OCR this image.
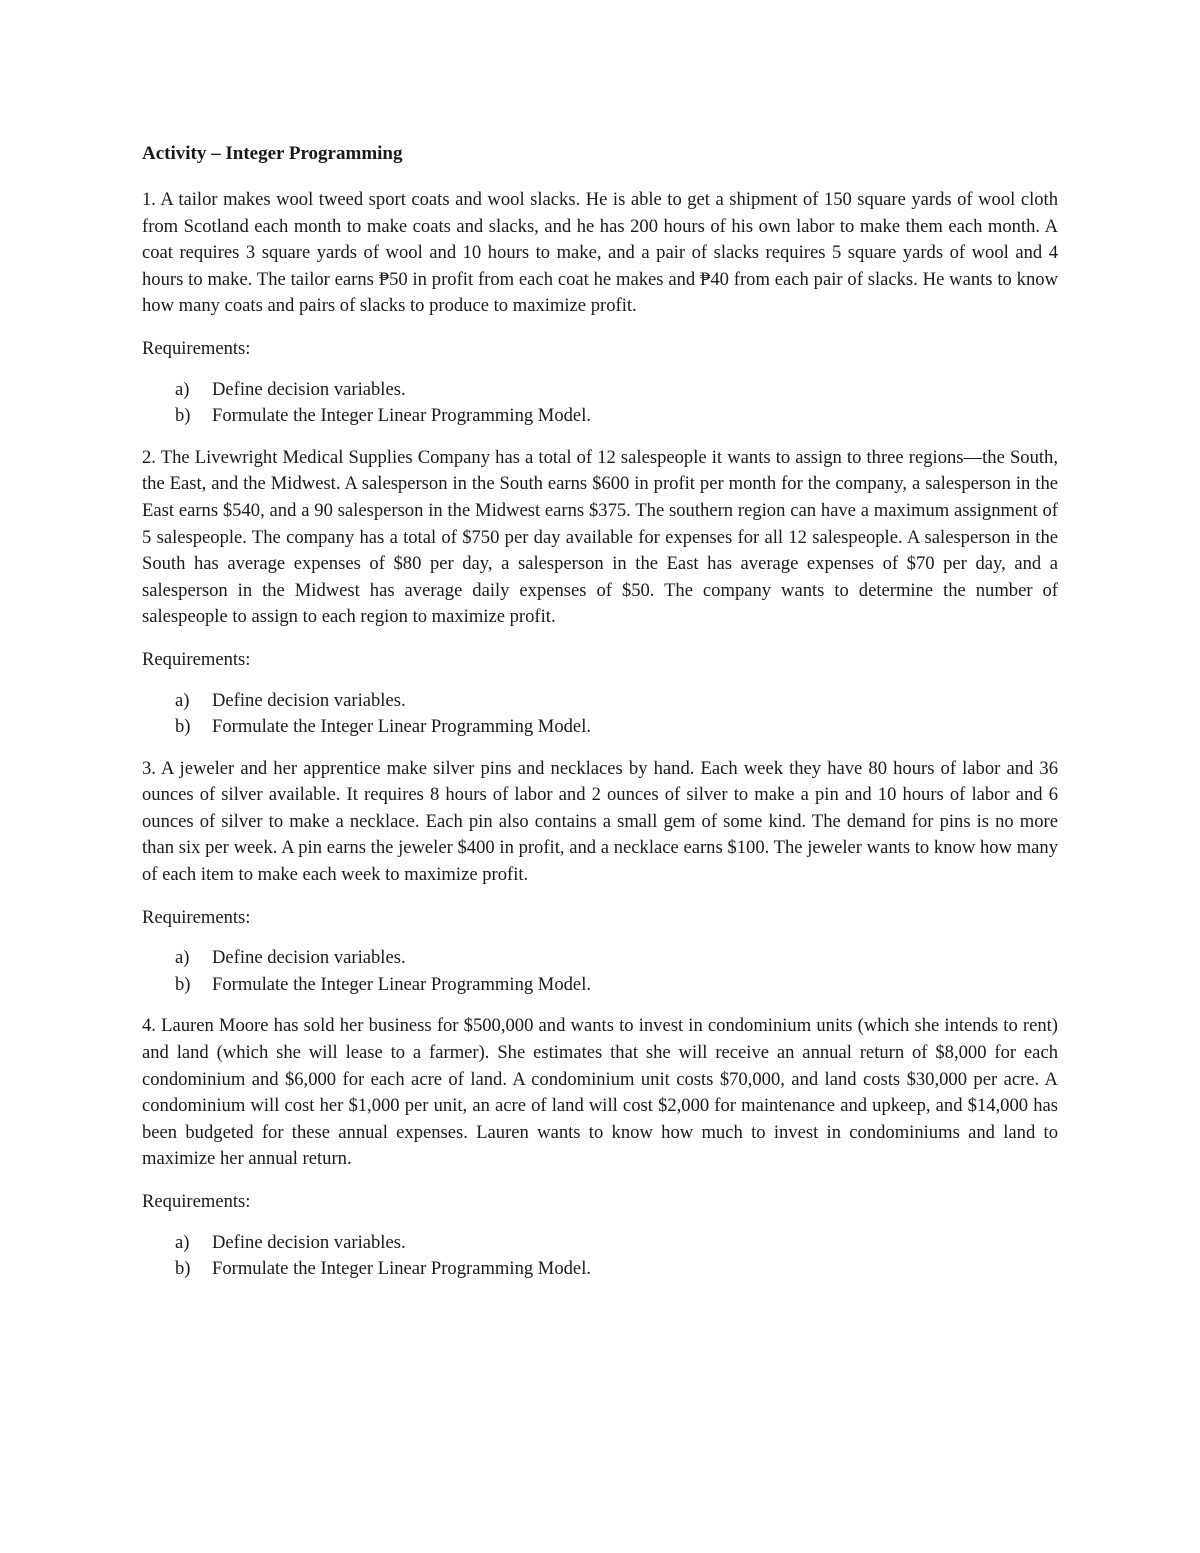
Activity – Integer Programming

1. A tailor makes wool tweed sport coats and wool slacks. He is able to get a shipment of 150 square yards of wool cloth from Scotland each month to make coats and slacks, and he has 200 hours of his own labor to make them each month. A coat requires 3 square yards of wool and 10 hours to make, and a pair of slacks requires 5 square yards of wool and 4 hours to make. The tailor earns ₱50 in profit from each coat he makes and ₱40 from each pair of slacks. He wants to know how many coats and pairs of slacks to produce to maximize profit.

Requirements:

a)	Define decision variables.
b)	Formulate the Integer Linear Programming Model.

2. The Livewright Medical Supplies Company has a total of 12 salespeople it wants to assign to three regions—the South, the East, and the Midwest. A salesperson in the South earns $600 in profit per month for the company, a salesperson in the East earns $540, and a 90 salesperson in the Midwest earns $375. The southern region can have a maximum assignment of 5 salespeople. The company has a total of $750 per day available for expenses for all 12 salespeople. A salesperson in the South has average expenses of $80 per day, a salesperson in the East has average expenses of $70 per day, and a salesperson in the Midwest has average daily expenses of $50. The company wants to determine the number of salespeople to assign to each region to maximize profit.

Requirements:

a)	Define decision variables.
b)	Formulate the Integer Linear Programming Model.

3. A jeweler and her apprentice make silver pins and necklaces by hand. Each week they have 80 hours of labor and 36 ounces of silver available. It requires 8 hours of labor and 2 ounces of silver to make a pin and 10 hours of labor and 6 ounces of silver to make a necklace. Each pin also contains a small gem of some kind. The demand for pins is no more than six per week. A pin earns the jeweler $400 in profit, and a necklace earns $100. The jeweler wants to know how many of each item to make each week to maximize profit.

Requirements:

a)	Define decision variables.
b)	Formulate the Integer Linear Programming Model.

4. Lauren Moore has sold her business for $500,000 and wants to invest in condominium units (which she intends to rent) and land (which she will lease to a farmer). She estimates that she will receive an annual return of $8,000 for each condominium and $6,000 for each acre of land. A condominium unit costs $70,000, and land costs $30,000 per acre. A condominium will cost her $1,000 per unit, an acre of land will cost $2,000 for maintenance and upkeep, and $14,000 has been budgeted for these annual expenses. Lauren wants to know how much to invest in condominiums and land to maximize her annual return.

Requirements:

a)	Define decision variables.
b)	Formulate the Integer Linear Programming Model.
